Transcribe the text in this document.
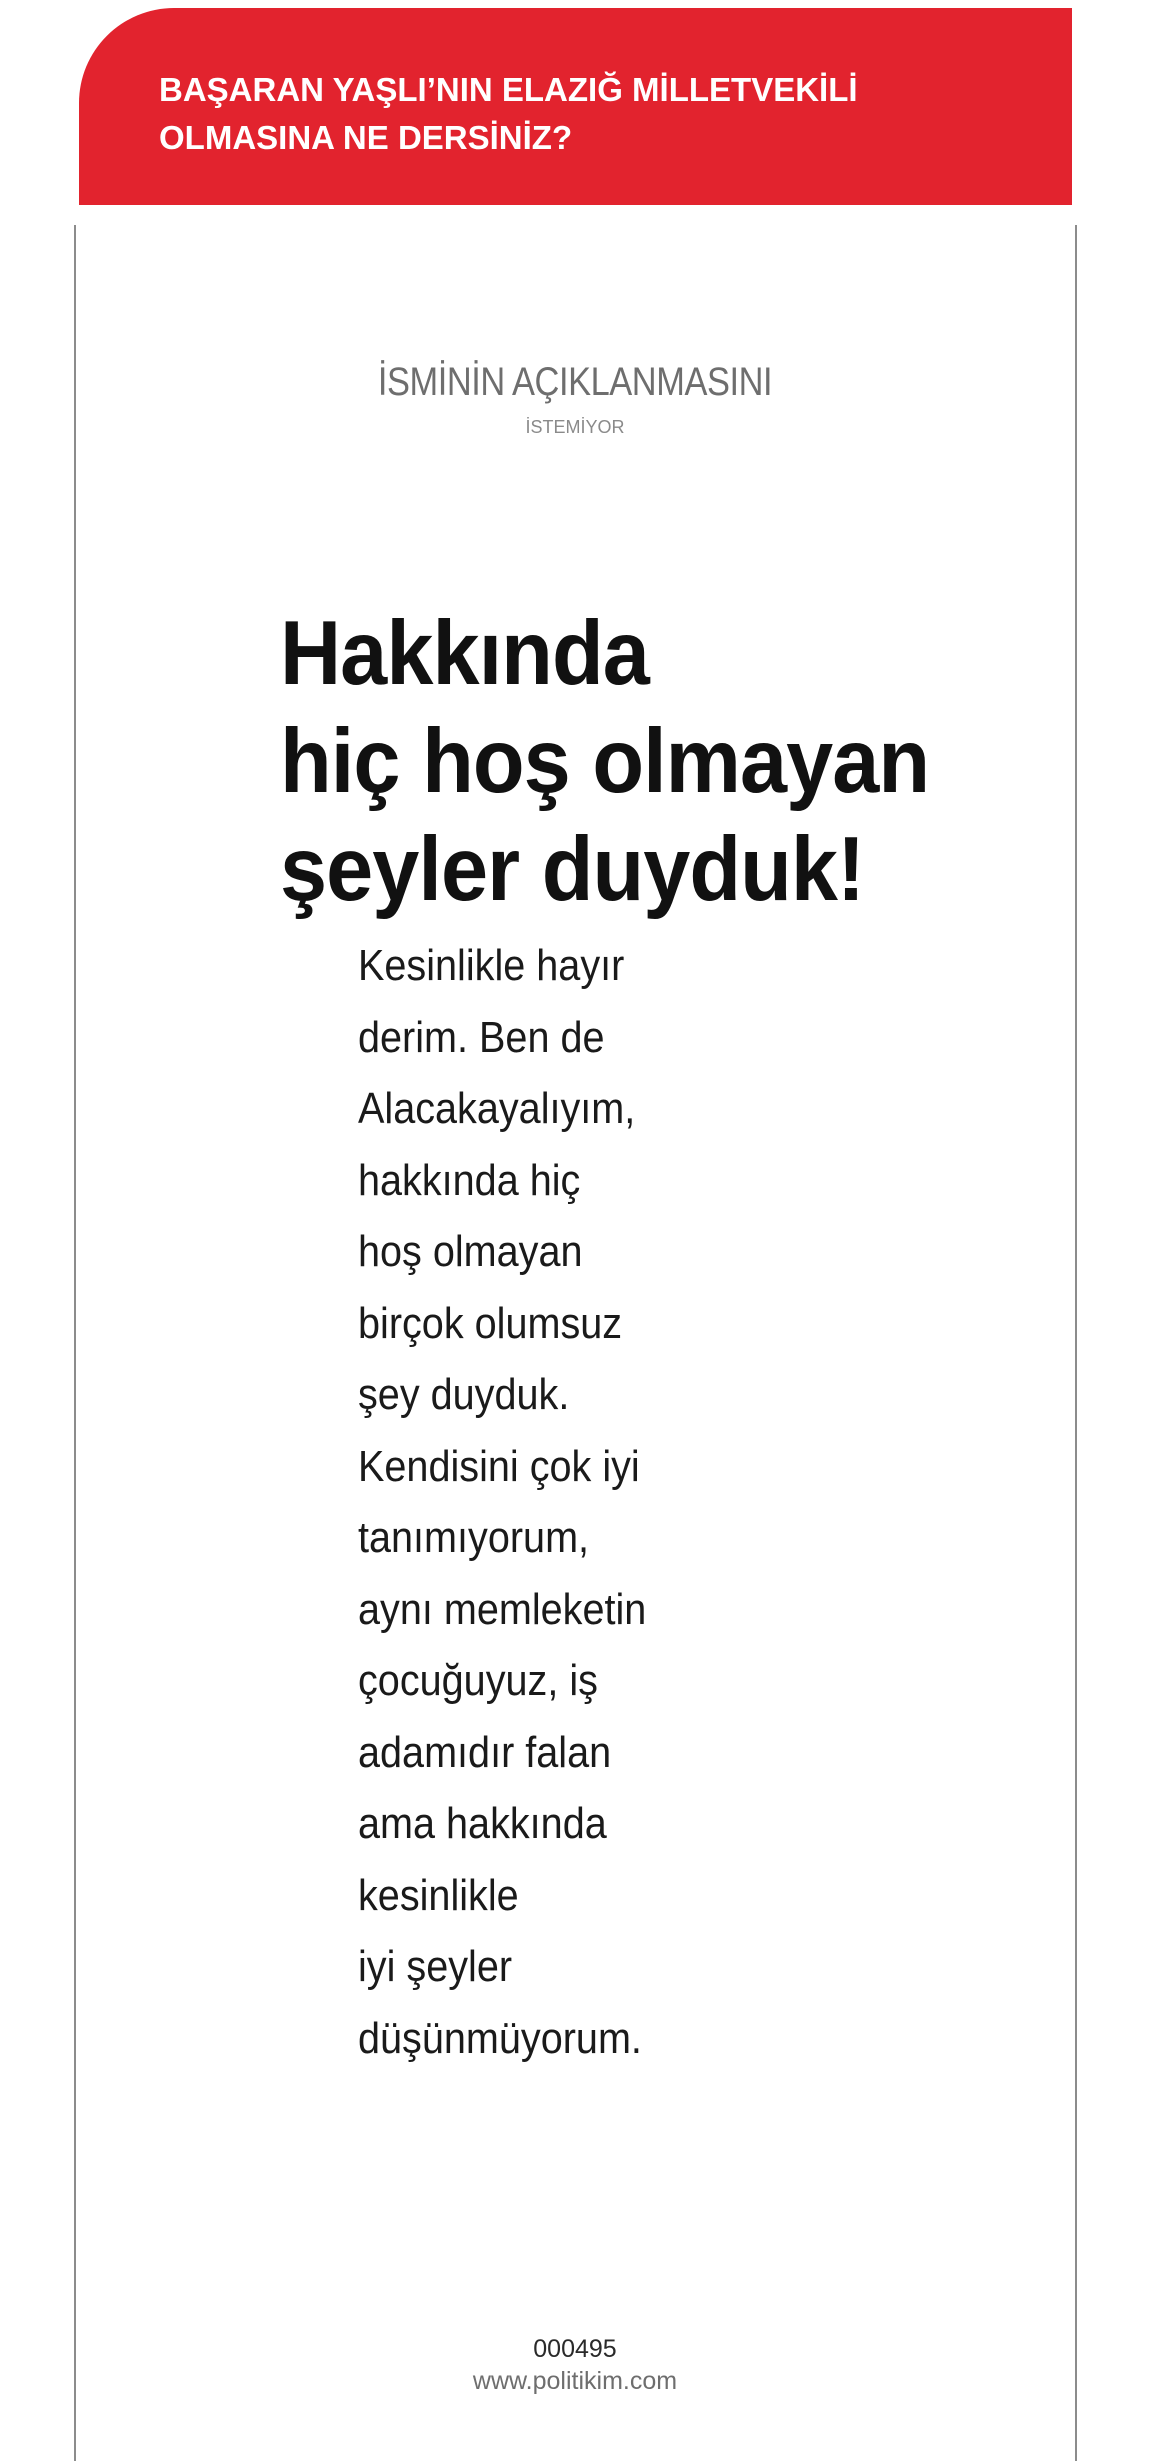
BAŞARAN YAŞLI’NIN ELAZIĞ MİLLETVEKİLİ
OLMASINA NE DERSİNİZ?

İSMİNİN AÇIKLANMASINI
İSTEMİYOR
Hakkında
hiç hoş olmayan
şeyler duyduk!

Kesinlikle hayır
derim. Ben de
Alacakayalıyım,
hakkında hiç
hoş olmayan
birçok olumsuz
şey duyduk.
Kendisini çok iyi
tanımıyorum,
aynı memleketin
çocuğuyuz, iş
adamıdır falan
ama hakkında
kesinlikle
iyi şeyler
düşünmüyorum.

000495
www.politikim.com
